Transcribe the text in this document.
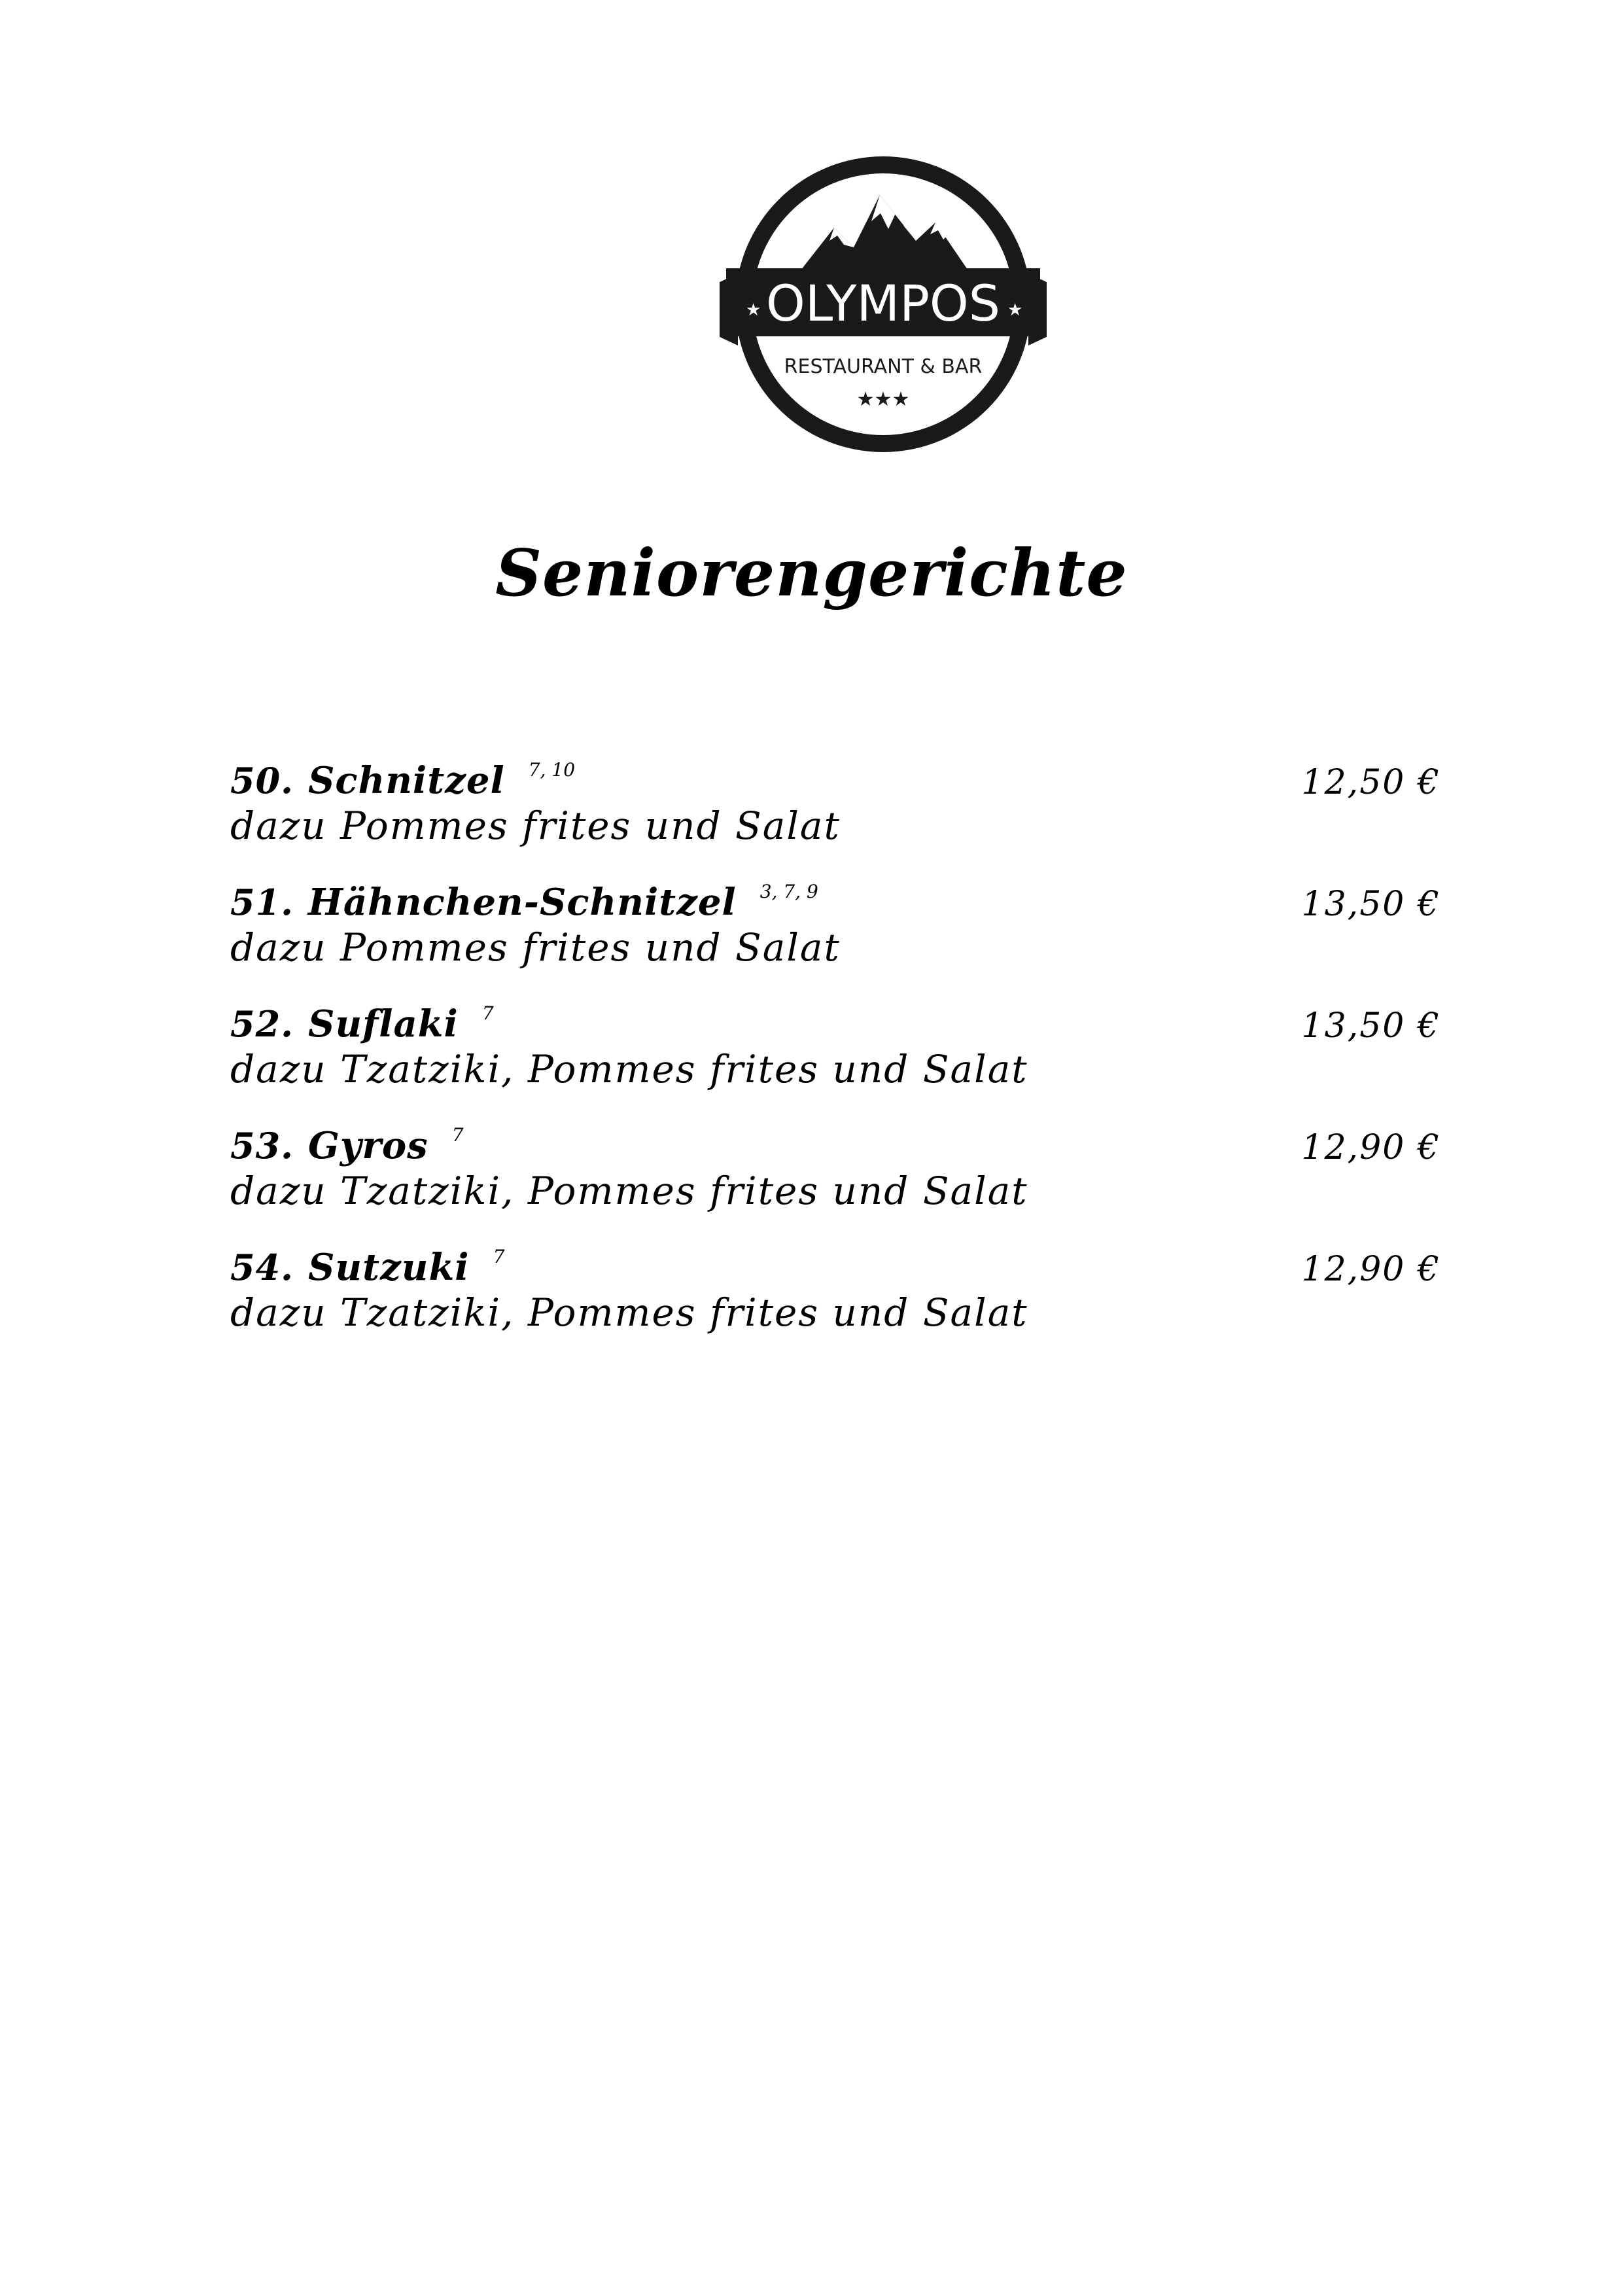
★	★
OLYMPOS
RESTAURANT & BAR
★★★
Seniorengerichte
50. Schnitzel 7, 10	12,50 €
dazu Pommes frites und Salat
51. Hähnchen-Schnitzel 3, 7, 9	13,50 €
dazu Pommes frites und Salat
52. Suflaki 7	13,50 €
dazu Tzatziki, Pommes frites und Salat
53. Gyros 7	12,90 €
dazu Tzatziki, Pommes frites und Salat
54. Sutzuki 7	12,90 €
dazu Tzatziki, Pommes frites und Salat
